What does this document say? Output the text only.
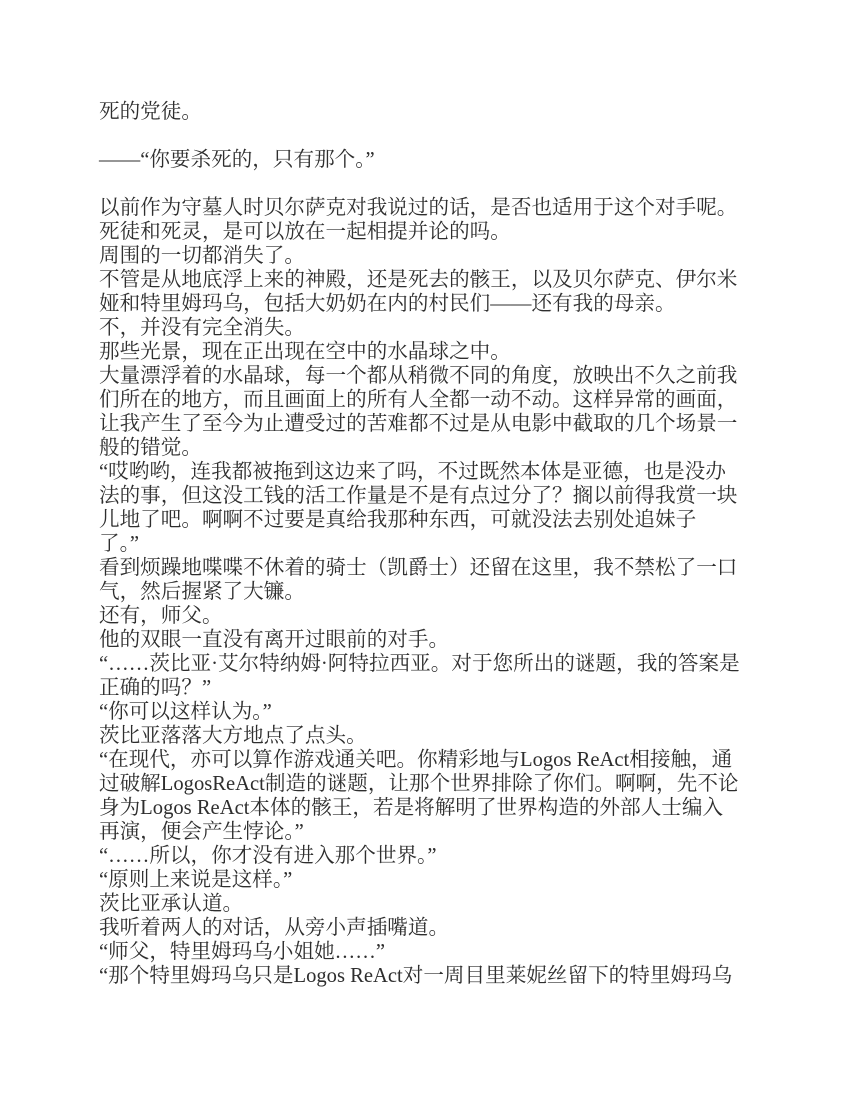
死的党徒。

——“你要杀死的，只有那个。”

以前作为守墓人时贝尔萨克对我说过的话，是否也适用于这个对手呢。
死徒和死灵，是可以放在一起相提并论的吗。
周围的一切都消失了。
不管是从地底浮上来的神殿，还是死去的骸王，以及贝尔萨克、伊尔米
娅和特里姆玛乌，包括大奶奶在内的村民们——还有我的母亲。
不，并没有完全消失。
那些光景，现在正出现在空中的水晶球之中。
大量漂浮着的水晶球，每一个都从稍微不同的角度，放映出不久之前我
们所在的地方，而且画面上的所有人全都一动不动。这样异常的画面，
让我产生了至今为止遭受过的苦难都不过是从电影中截取的几个场景一
般的错觉。
“哎哟哟，连我都被拖到这边来了吗，不过既然本体是亚德，也是没办
法的事，但这没工钱的活工作量是不是有点过分了？搁以前得我赏一块
儿地了吧。啊啊不过要是真给我那种东西，可就没法去别处追妹子
了。”
看到烦躁地喋喋不休着的骑士（凯爵士）还留在这里，我不禁松了一口
气，然后握紧了大镰。
还有，师父。
他的双眼一直没有离开过眼前的对手。
“……茨比亚·艾尔特纳姆·阿特拉西亚。对于您所出的谜题，我的答案是
正确的吗？”
“你可以这样认为。”
茨比亚落落大方地点了点头。
“在现代，亦可以算作游戏通关吧。你精彩地与Logos ReAct相接触，通
过破解LogosReAct制造的谜题，让那个世界排除了你们。啊啊，先不论
身为Logos ReAct本体的骸王，若是将解明了世界构造的外部人士编入
再演，便会产生悖论。”
“……所以，你才没有进入那个世界。”
“原则上来说是这样。”
茨比亚承认道。
我听着两人的对话，从旁小声插嘴道。
“师父，特里姆玛乌小姐她……”
“那个特里姆玛乌只是Logos ReAct对一周目里莱妮丝留下的特里姆玛乌
